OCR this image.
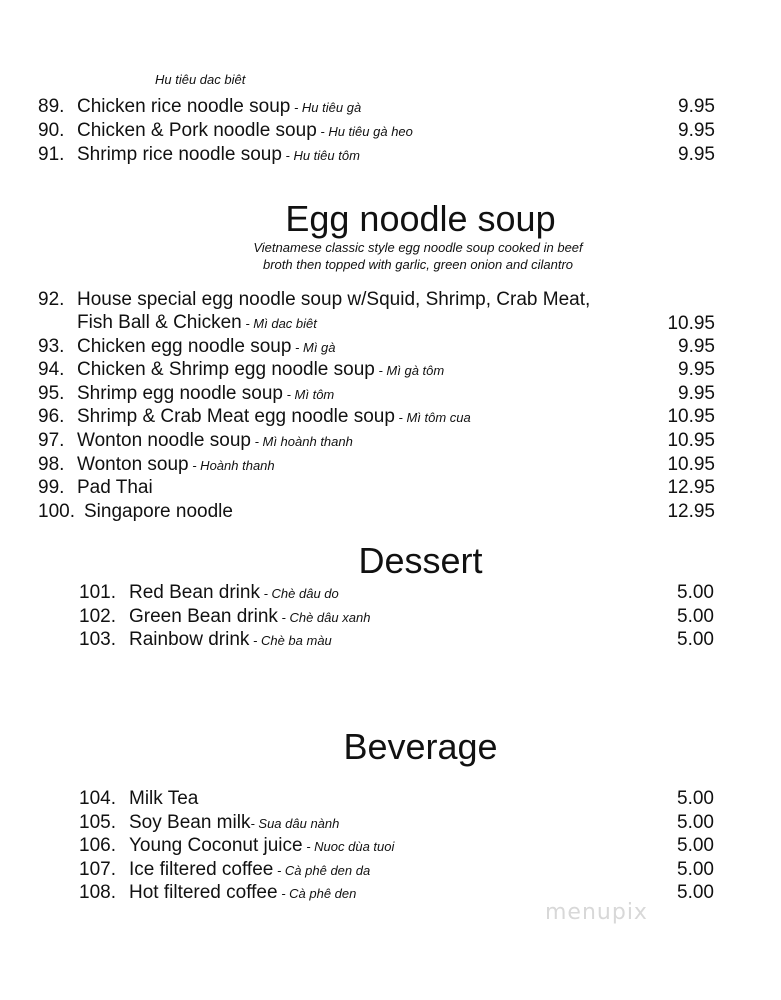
Hu tiêu dac biêt
89. Chicken rice noodle soup - Hu tiêu gà	9.95
90. Chicken & Pork noodle soup - Hu tiêu gà heo	9.95
91. Shrimp rice noodle soup - Hu tiêu tôm	9.95
Egg noodle soup
Vietnamese classic style egg noodle soup cooked in beef
broth then topped with garlic, green onion and cilantro
92. House special egg noodle soup w/Squid, Shrimp, Crab Meat,
Fish Ball & Chicken - Mì dac biêt	10.95
93. Chicken egg noodle soup - Mì gà	9.95
94. Chicken & Shrimp egg noodle soup - Mì gà tôm	9.95
95. Shrimp egg noodle soup - Mì tôm	9.95
96. Shrimp & Crab Meat egg noodle soup - Mì tôm cua	10.95
97. Wonton noodle soup - Mì hoành thanh	10.95
98. Wonton soup - Hoành thanh	10.95
99. Pad Thai	12.95
100. Singapore noodle	12.95
Dessert
101. Red Bean drink - Chè dâu do	5.00
102. Green Bean drink - Chè dâu xanh	5.00
103. Rainbow drink - Chè ba màu	5.00
Beverage
104. Milk Tea	5.00
105. Soy Bean milk- Sua dâu nành	5.00
106. Young Coconut juice - Nuoc dùa tuoi	5.00
107. Ice filtered coffee - Cà phê den da	5.00
108. Hot filtered coffee - Cà phê den	5.00
menupix
